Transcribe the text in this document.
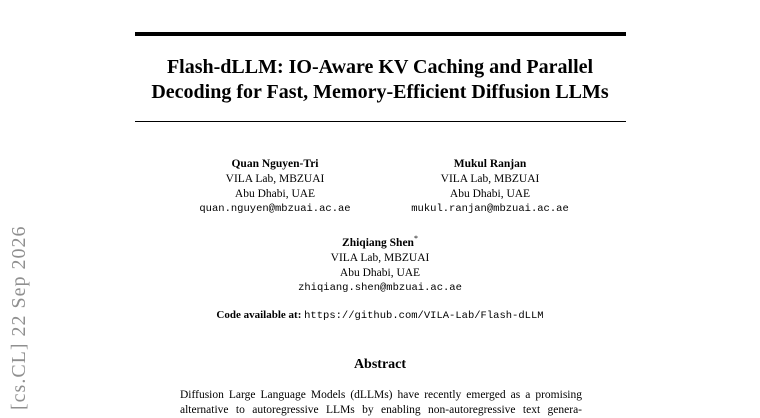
Flash-dLLM: IO-Aware KV Caching and Parallel
Decoding for Fast, Memory-Efficient Diffusion LLMs
Quan Nguyen-Tri
VILA Lab, MBZUAI
Abu Dhabi, UAE
quan.nguyen@mbzuai.ac.ae
Mukul Ranjan
VILA Lab, MBZUAI
Abu Dhabi, UAE
mukul.ranjan@mbzuai.ac.ae
Zhiqiang Shen*
VILA Lab, MBZUAI
Abu Dhabi, UAE
zhiqiang.shen@mbzuai.ac.ae
Code available at: https://github.com/VILA-Lab/Flash-dLLM
Abstract
Diffusion Large Language Models (dLLMs) have recently emerged as a promising
alternative to autoregressive LLMs by enabling non-autoregressive text genera-
[cs.CL] 22 Sep 2026
